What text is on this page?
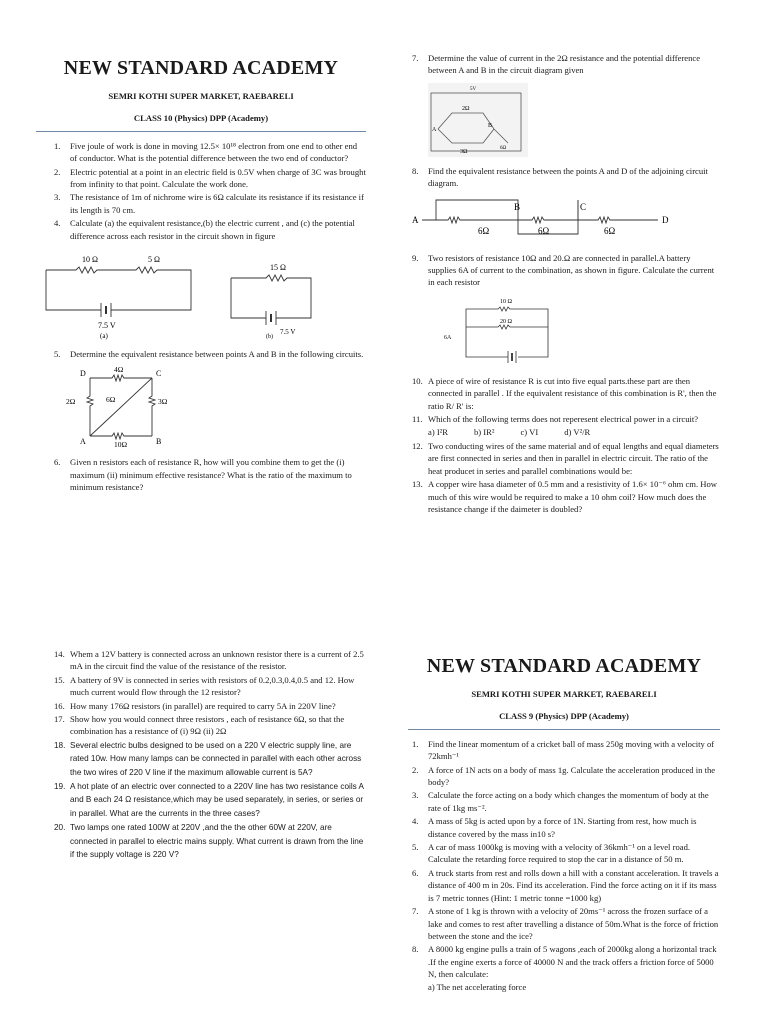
NEW STANDARD ACADEMY
SEMRI KOTHI SUPER MARKET, RAEBARELI
CLASS 10 (Physics) DPP (Academy)
1. Five joule of work is done in moving 12.5× 10¹⁸ electron from one end to other end of conductor. What is the potential difference between the two end of conductor?
2. Electric potential at a point in an electric field is 0.5V when charge of 3C was brought from infinity to that point. Calculate the work done.
3. The resistance of 1m of nichrome wire is 6Ω calculate its resistance if its resistance if its length is 70 cm.
4. Calculate (a) the equivalent resistance,(b) the electric current , and (c) the potential difference across each resistor in the circuit shown in figure
10 Ω	5 Ω
7.5 V
(a)
15 Ω
7.5 V
(b)
5. Determine the equivalent resistance between points A and B in the following circuits.
D	C
A	B
4Ω
2Ω	6Ω	3Ω
10Ω
6. Given n resistors each of resistance R, how will you combine them to get the (i) maximum (ii) minimum effective resistance? What is the ratio of the maximum to minimum resistance?
7. Determine the value of current in the 2Ω resistance and the potential difference between A and B in the circuit diagram given
5V
2Ω
3Ω
6Ω
A
B
8. Find the equivalent resistance between the points A and D of the adjoining circuit diagram.
A
B	C
D
6Ω	6Ω	6Ω
9. Two resistors of resistance 10Ω and 20.Ω are connected in parallel.A battery supplies 6A of current to the combination, as shown in figure. Calculate the current in each resistor
10 Ω
20 Ω
6A
10. A piece of wire of resistance R is cut into five equal parts.these part are then connected in parallel . If the equivalent resistance of this combination is R', then the ratio R/ R' is:
11. Which of the following terms does not reperesent electrical power in a circuit?
a) I²R	b) IR²	c) VI	d) V²/R
12. Two conducting wires of the same material and of equal lengths and equal diameters are first connected in series and then in parallel in electric circuit. The ratio of the heat producet in series and parallel combinations would be:
13. A copper wire hasa diameter of 0.5 mm and a resistivity of 1.6× 10⁻⁶ ohm cm. How much of this wire would be required to make a 10 ohm coil? How much does the resistance change if the daimeter is doubled?
14. Whem a 12V battery is connected across an unknown resistor there is a current of 2.5 mA in the circuit find the value of the resistance of the resistor.
15. A battery of 9V is connected in series with resistors of 0.2,0.3,0.4,0.5 and 12. How much current would flow through the 12 resistor?
16. How many 176Ω resistors (in parallel) are required to carry 5A in 220V line?
17. Show how you would connect three resistors , each of resistance 6Ω, so that the combination has a resistance of (i) 9Ω (ii) 2Ω
18. Several electric bulbs designed to be used on a 220 V electric supply line, are rated 10w. How many lamps can be connected in parallel with each other across the two wires of 220 V line if the maximum allowable current is 5A?
19. A hot plate of an electric over connected to a 220V line has two resistance coils A and B each 24 Ω resistance,which may be used separately, in series, or series or in parallel. What are the currents in the three cases?
20. Two lamps one rated 100W at 220V ,and the the other 60W at 220V, are connected in parallel to electric mains supply. What current is drawn from the line if the supply voltage is 220 V?
NEW STANDARD ACADEMY
SEMRI KOTHI SUPER MARKET, RAEBARELI
CLASS 9 (Physics) DPP (Academy)
1. Find the linear momentum of a cricket ball of mass 250g moving with a velocity of 72kmh⁻¹
2. A force of 1N acts on a body of mass 1g. Calculate the acceleration produced in the body?
3. Calculate the force acting on a body which changes the momentum of body at the rate of 1kg ms⁻².
4. A mass of 5kg is acted upon by a force of 1N. Starting from rest, how much is distance covered by the mass in10 s?
5. A car of mass 1000kg is moving with a velocity of 36kmh⁻¹ on a level road. Calculate the retarding force required to stop the car in a distance of 50 m.
6. A truck starts from rest and rolls down a hill with a constant acceleration. It travels a distance of 400 m in 20s. Find its acceleration. Find the force acting on it if its mass is 7 metric tonnes (Hint: 1 metric tonne =1000 kg)
7. A stone of 1 kg is thrown with a velocity of 20ms⁻¹ across the frozen surface of a lake and comes to rest after travelling a distance of 50m.What is the force of friction between the stone and the ice?
8. A 8000 kg engine pulls a train of 5 wagons ,each of 2000kg along a horizontal track .If the engine exerts a force of 40000 N and the track offers a friction force of 5000 N, then calculate:
a) The net accelerating force
